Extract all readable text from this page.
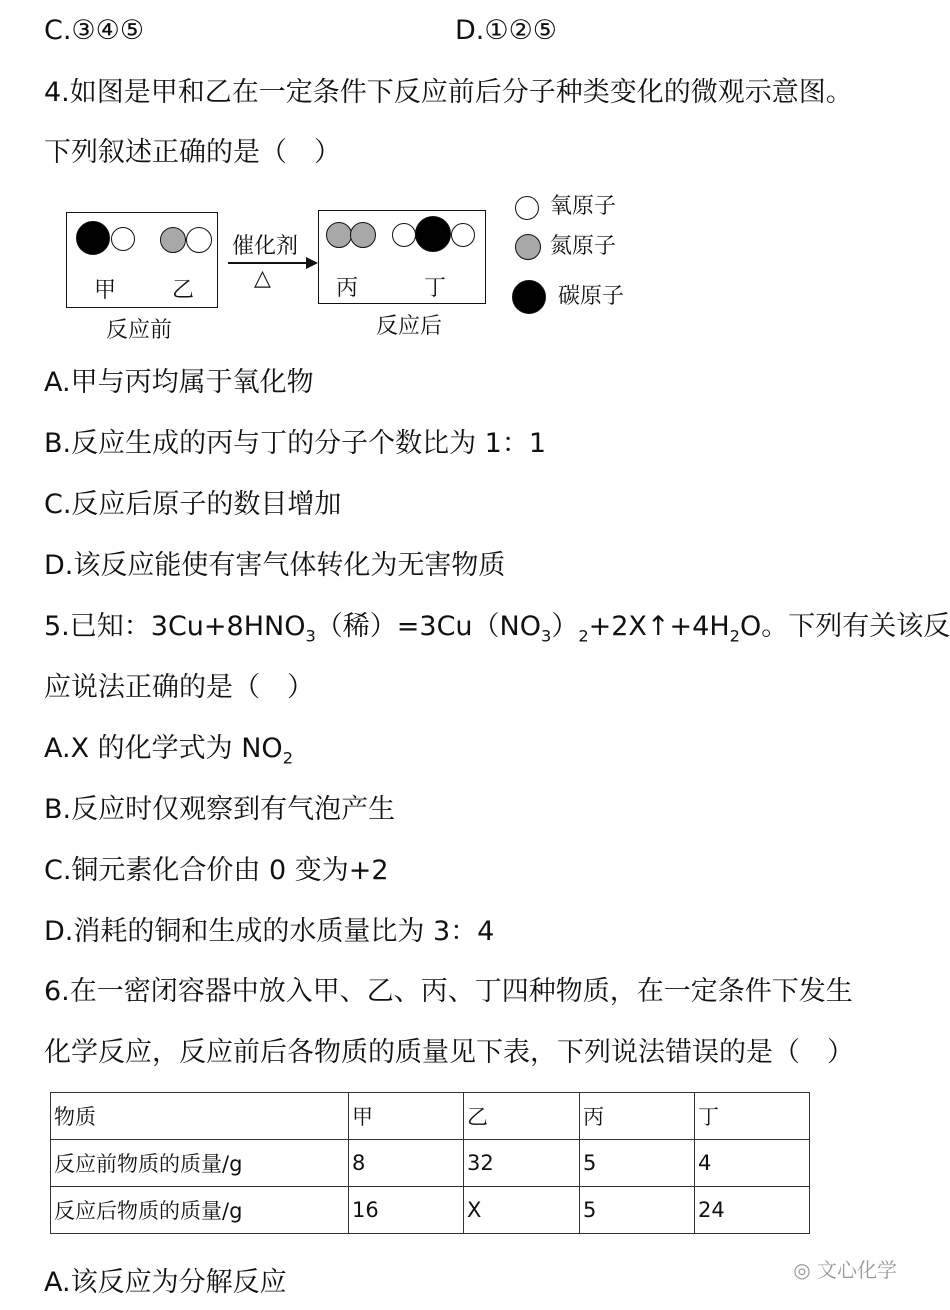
C.③④⑤	D.①②⑤
4.如图是甲和乙在一定条件下反应前后分子种类变化的微观示意图。
下列叙述正确的是（　）
甲	乙
反应前
催化剂
△	丙	丁
反应后
氧原子
氮原子
碳原子
A.甲与丙均属于氧化物
B.反应生成的丙与丁的分子个数比为 1：1
C.反应后原子的数目增加
D.该反应能使有害气体转化为无害物质
5.已知：$3Cu+8HNO_3$（稀）$=3Cu(NO_3)_2+2X↑+4H_2O$。下列有关该反
应说法正确的是（　）
A.X 的化学式为 $NO_2$
B.反应时仅观察到有气泡产生
C.铜元素化合价由 0 变为+2
D.消耗的铜和生成的水质量比为 3：4
6.在一密闭容器中放入甲、乙、丙、丁四种物质，在一定条件下发生
化学反应，反应前后各物质的质量见下表，下列说法错误的是（　）
物质	甲	乙	丙	丁
反应前物质的质量/g	8	32	5	4
反应后物质的质量/g	16	X	5	24
A.该反应为分解反应	◎ 文心化学
